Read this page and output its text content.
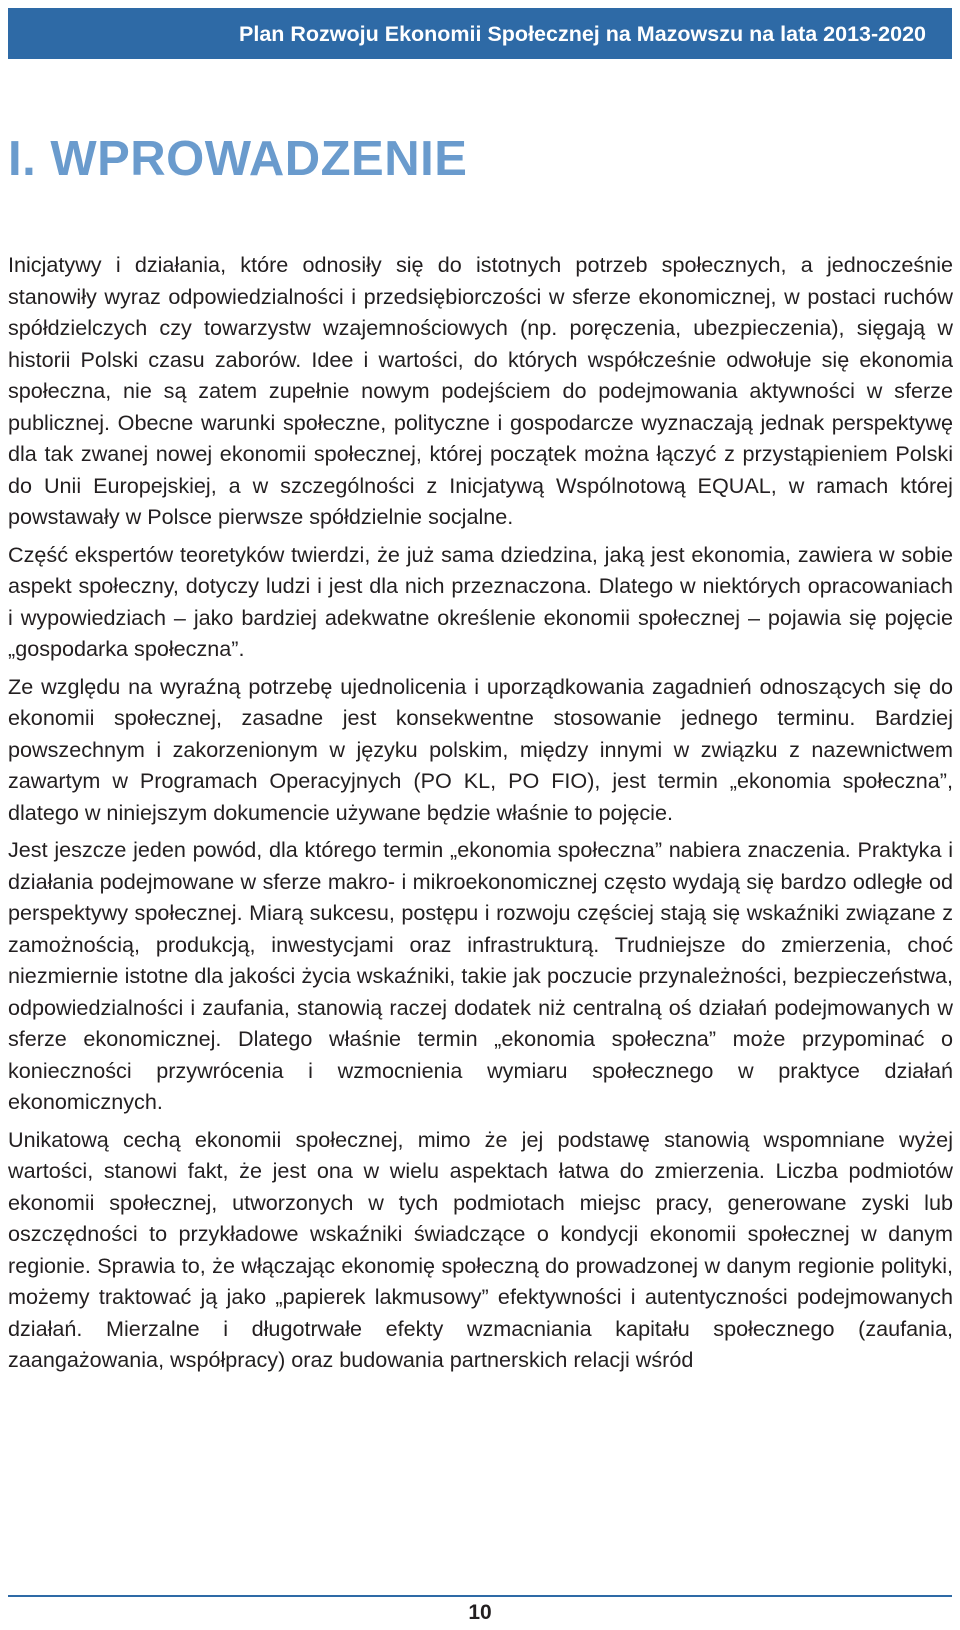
Plan Rozwoju Ekonomii Społecznej na Mazowszu na lata 2013-2020

I. WPROWADZENIE

Inicjatywy i działania, które odnosiły się do istotnych potrzeb społecznych, a jednocześnie stanowiły wyraz odpowiedzialności i przedsiębiorczości w sferze ekonomicznej, w postaci ruchów spółdzielczych czy towarzystw wzajemnościowych (np. poręczenia, ubezpieczenia), sięgają w historii Polski czasu zaborów. Idee i wartości, do których współcześnie odwołuje się ekonomia społeczna, nie są zatem zupełnie nowym podejściem do podejmowania aktywności w sferze publicznej. Obecne warunki społeczne, polityczne i gospodarcze wyznaczają jednak perspektywę dla tak zwanej nowej ekonomii społecznej, której początek można łączyć z przystąpieniem Polski do Unii Europejskiej, a w szczególności z Inicjatywą Wspólnotową EQUAL, w ramach której powstawały w Polsce pierwsze spółdzielnie socjalne.

Część ekspertów teoretyków twierdzi, że już sama dziedzina, jaką jest ekonomia, zawiera w sobie aspekt społeczny, dotyczy ludzi i jest dla nich przeznaczona. Dlatego w niektórych opracowaniach i wypowiedziach – jako bardziej adekwatne określenie ekonomii społecznej – pojawia się pojęcie „gospodarka społeczna”.

Ze względu na wyraźną potrzebę ujednolicenia i uporządkowania zagadnień odnoszących się do ekonomii społecznej, zasadne jest konsekwentne stosowanie jednego terminu. Bardziej powszechnym i zakorzenionym w języku polskim, między innymi w związku z nazewnictwem zawartym w Programach Operacyjnych (PO KL, PO FIO), jest termin „ekonomia społeczna”, dlatego w niniejszym dokumencie używane będzie właśnie to pojęcie.

Jest jeszcze jeden powód, dla którego termin „ekonomia społeczna” nabiera znaczenia. Praktyka i działania podejmowane w sferze makro- i mikroekonomicznej często wydają się bardzo odległe od perspektywy społecznej. Miarą sukcesu, postępu i rozwoju częściej stają się wskaźniki związane z zamożnością, produkcją, inwestycjami oraz infrastrukturą. Trudniejsze do zmierzenia, choć niezmiernie istotne dla jakości życia wskaźniki, takie jak poczucie przynależności, bezpieczeństwa, odpowiedzialności i zaufania, stanowią raczej dodatek niż centralną oś działań podejmowanych w sferze ekonomicznej. Dlatego właśnie termin „ekonomia społeczna” może przypominać o konieczności przywrócenia i wzmocnienia wymiaru społecznego w praktyce działań ekonomicznych.

Unikatową cechą ekonomii społecznej, mimo że jej podstawę stanowią wspomniane wyżej wartości, stanowi fakt, że jest ona w wielu aspektach łatwa do zmierzenia. Liczba podmiotów ekonomii społecznej, utworzonych w tych podmiotach miejsc pracy, generowane zyski lub oszczędności to przykładowe wskaźniki świadczące o kondycji ekonomii społecznej w danym regionie. Sprawia to, że włączając ekonomię społeczną do prowadzonej w danym regionie polityki, możemy traktować ją jako „papierek lakmusowy” efektywności i autentyczności podejmowanych działań. Mierzalne i długotrwałe efekty wzmacniania kapitału społecznego (zaufania, zaangażowania, współpracy) oraz budowania partnerskich relacji wśród

10
